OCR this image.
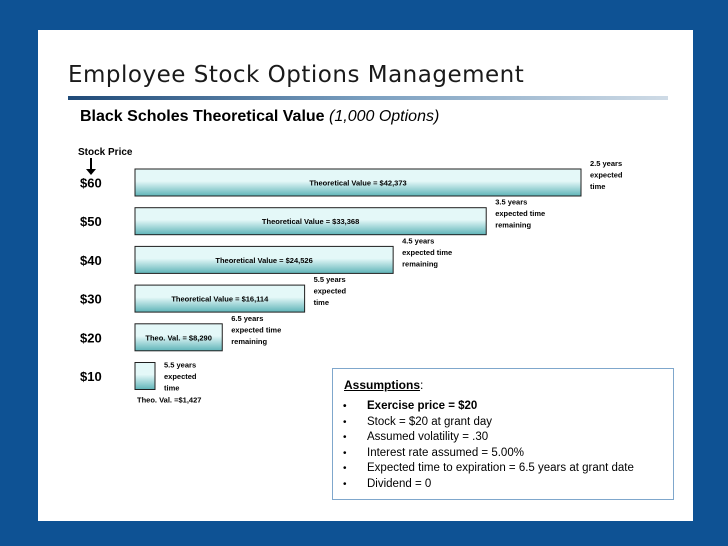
Employee Stock Options Management
Black Scholes Theoretical Value (1,000 Options)
Stock Price
$60	Theoretical Value = $42,373
2.5 years
expected
time
$50	Theoretical Value = $33,368
3.5 years
expected time
remaining
$40	Theoretical Value = $24,526
4.5 years
expected time
remaining
$30	Theoretical Value = $16,114
5.5 years
expected
time
$20	Theo. Val. = $8,290
6.5 years
expected time
remaining
$10
Theo. Val. =$1,427
5.5 years
expected
time	Assumptions:
• Exercise price = $20
• Stock = $20 at grant day
• Assumed volatility = .30
• Interest rate assumed = 5.00%
• Expected time to expiration = 6.5 years at grant date
• Dividend = 0
